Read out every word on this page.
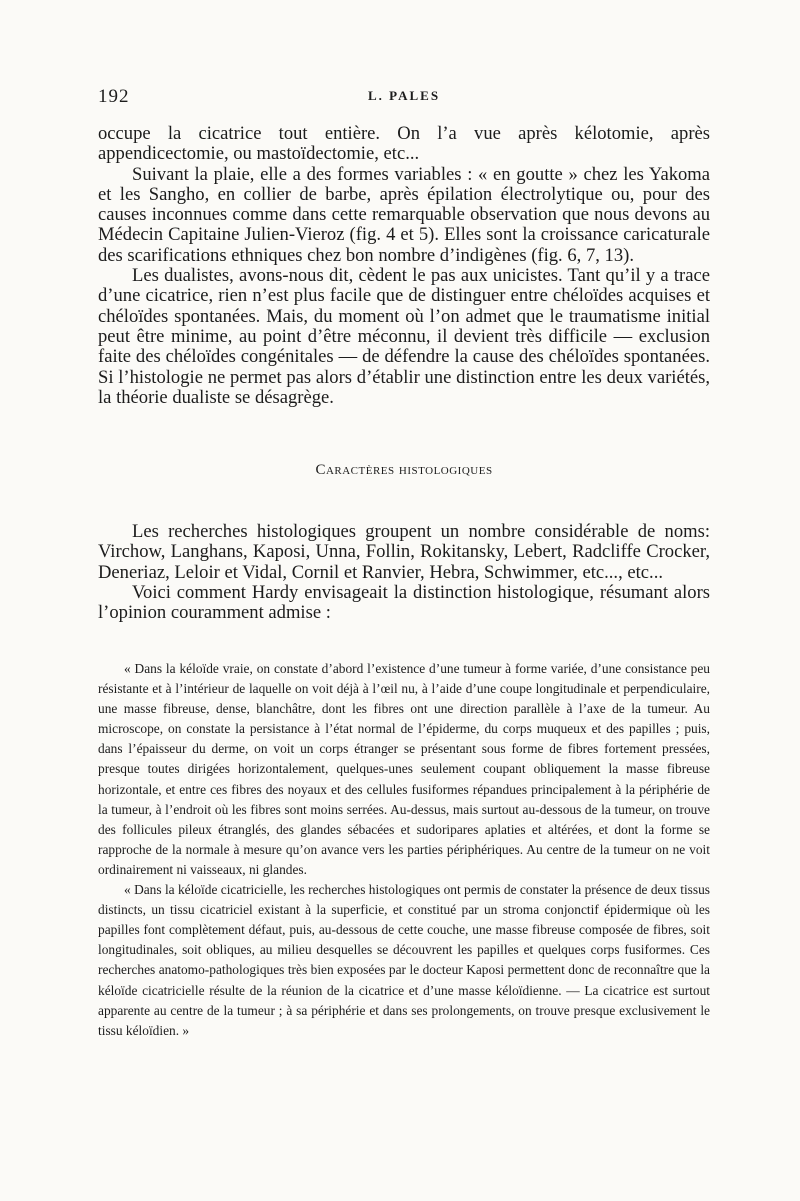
192	L. PALES

occupe la cicatrice tout entière. On l’a vue après kélotomie, après appendicectomie, ou mastoïdectomie, etc...

Suivant la plaie, elle a des formes variables : « en goutte » chez les Yakoma et les Sangho, en collier de barbe, après épilation électrolytique ou, pour des causes inconnues comme dans cette remarquable observation que nous devons au Médecin Capitaine Julien-Vieroz (fig. 4 et 5). Elles sont la croissance caricaturale des scarifications ethniques chez bon nombre d’indigènes (fig. 6, 7, 13).

Les dualistes, avons-nous dit, cèdent le pas aux unicistes. Tant qu’il y a trace d’une cicatrice, rien n’est plus facile que de distinguer entre chéloïdes acquises et chéloïdes spontanées. Mais, du moment où l’on admet que le traumatisme initial peut être minime, au point d’être méconnu, il devient très difficile — exclusion faite des chéloïdes congénitales — de défendre la cause des chéloïdes spontanées. Si l’histologie ne permet pas alors d’établir une distinction entre les deux variétés, la théorie dualiste se désagrège.

Caractères histologiques

Les recherches histologiques groupent un nombre considérable de noms: Virchow, Langhans, Kaposi, Unna, Follin, Rokitansky, Lebert, Radcliffe Crocker, Deneriaz, Leloir et Vidal, Cornil et Ranvier, Hebra, Schwimmer, etc..., etc...

Voici comment Hardy envisageait la distinction histologique, résumant alors l’opinion couramment admise :

« Dans la kéloïde vraie, on constate d’abord l’existence d’une tumeur à forme variée, d’une consistance peu résistante et à l’intérieur de laquelle on voit déjà à l’œil nu, à l’aide d’une coupe longitudinale et perpendiculaire, une masse fibreuse, dense, blanchâtre, dont les fibres ont une direction parallèle à l’axe de la tumeur. Au microscope, on constate la persistance à l’état normal de l’épiderme, du corps muqueux et des papilles ; puis, dans l’épaisseur du derme, on voit un corps étranger se présentant sous forme de fibres fortement pressées, presque toutes dirigées horizontalement, quelques-unes seulement coupant obliquement la masse fibreuse horizontale, et entre ces fibres des noyaux et des cellules fusiformes répandues principalement à la périphérie de la tumeur, à l’endroit où les fibres sont moins serrées. Au-dessus, mais surtout au-dessous de la tumeur, on trouve des follicules pileux étranglés, des glandes sébacées et sudoripares aplaties et altérées, et dont la forme se rapproche de la normale à mesure qu’on avance vers les parties périphériques. Au centre de la tumeur on ne voit ordinairement ni vaisseaux, ni glandes.

« Dans la kéloïde cicatricielle, les recherches histologiques ont permis de constater la présence de deux tissus distincts, un tissu cicatriciel existant à la superficie, et constitué par un stroma conjonctif épidermique où les papilles font complètement défaut, puis, au-dessous de cette couche, une masse fibreuse composée de fibres, soit longitudinales, soit obliques, au milieu desquelles se découvrent les papilles et quelques corps fusiformes. Ces recherches anatomo-pathologiques très bien exposées par le docteur Kaposi permettent donc de reconnaître que la kéloïde cicatricielle résulte de la réunion de la cicatrice et d’une masse kéloïdienne. — La cicatrice est surtout apparente au centre de la tumeur ; à sa périphérie et dans ses prolongements, on trouve presque exclusivement le tissu kéloïdien. »
